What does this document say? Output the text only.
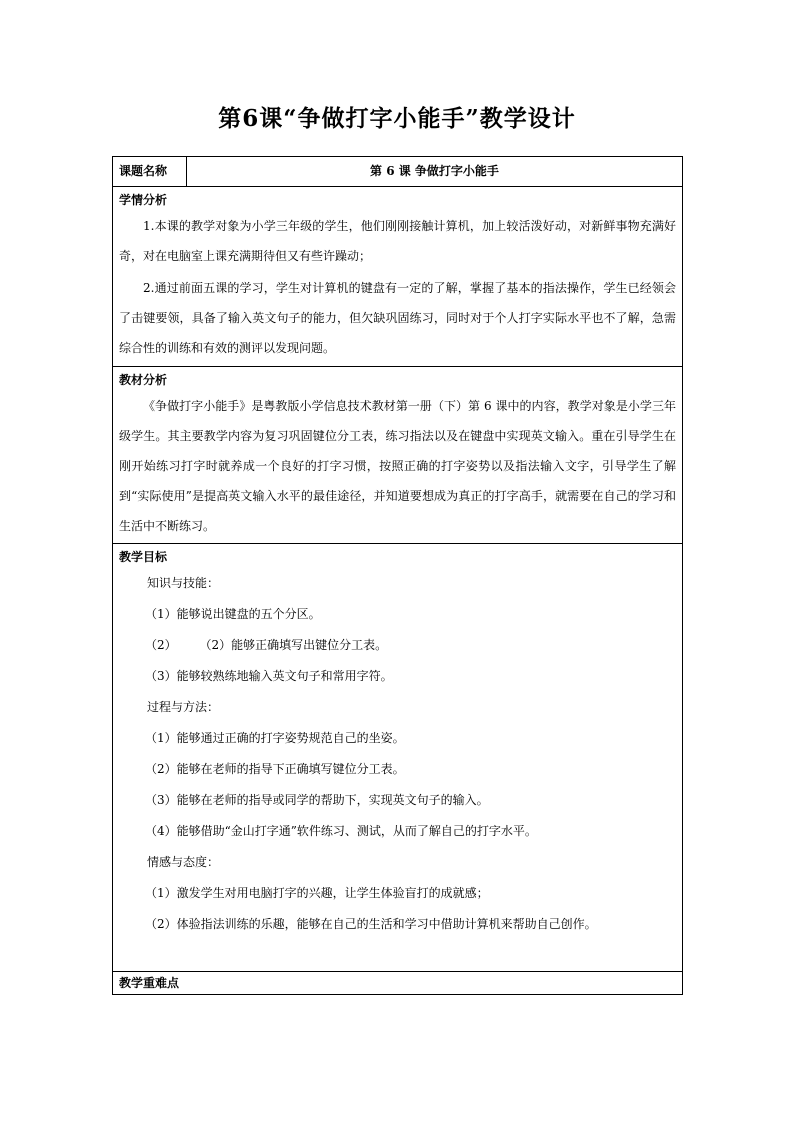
第6课“争做打字小能手”教学设计
课题名称	第 6 课 争做打字小能手

学情分析

1.本课的教学对象为小学三年级的学生，他们刚刚接触计算机，加上较活泼好动，对新鲜事物充满好奇，对在电脑室上课充满期待但又有些许躁动；

2.通过前面五课的学习，学生对计算机的键盘有一定的了解，掌握了基本的指法操作，学生已经领会了击键要领，具备了输入英文句子的能力，但欠缺巩固练习，同时对于个人打字实际水平也不了解，急需综合性的训练和有效的测评以发现问题。

教材分析

《争做打字小能手》是粤教版小学信息技术教材第一册（下）第 6 课中的内容，教学对象是小学三年级学生。其主要教学内容为复习巩固键位分工表，练习指法以及在键盘中实现英文输入。重在引导学生在刚开始练习打字时就养成一个良好的打字习惯，按照正确的打字姿势以及指法输入文字，引导学生了解到“实际使用”是提高英文输入水平的最佳途径，并知道要想成为真正的打字高手，就需要在自己的学习和生活中不断练习。

教学目标

知识与技能：

（1）能够说出键盘的五个分区。

（2）      （2）能够正确填写出键位分工表。

（3）能够较熟练地输入英文句子和常用字符。

过程与方法：

（1）能够通过正确的打字姿势规范自己的坐姿。

（2）能够在老师的指导下正确填写键位分工表。

（3）能够在老师的指导或同学的帮助下，实现英文句子的输入。

（4）能够借助“金山打字通”软件练习、测试，从而了解自己的打字水平。

情感与态度：

（1）激发学生对用电脑打字的兴趣，让学生体验盲打的成就感；

（2）体验指法训练的乐趣，能够在自己的生活和学习中借助计算机来帮助自己创作。

教学重难点
